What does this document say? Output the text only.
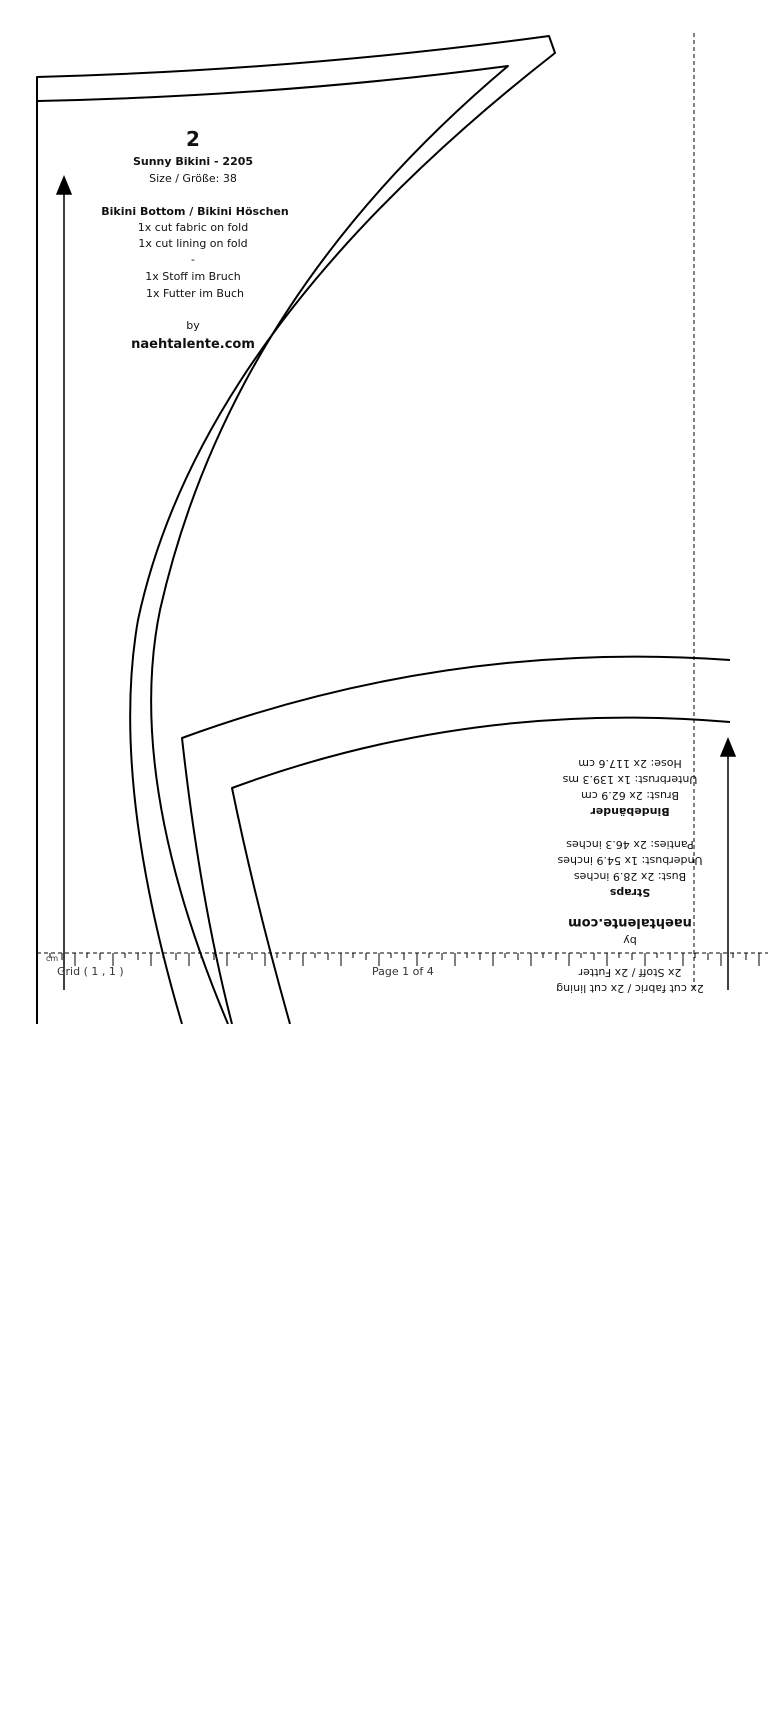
2
Sunny Bikini - 2205
Size / Größe: 38
Bikini Bottom / Bikini Höschen
1x cut fabric on fold
1x cut lining on fold
-
1x Stoff im Bruch
1x Futter im Buch
by
naehtalente.com
2x cut fabric / 2x cut lining
2x Stoff / 2x Futter
by
naehtalente.com
Straps
Bust: 2x 28.9 inches
Underbust: 1x 54.9 inches
Panties: 2x 46.3 inches
Bindebänder
Brust: 2x 62.9 cm
Unterbrust: 1x 139.3 ms
Hose: 2x 117.6 cm
cm
Grid ( 1 , 1 )	Page 1 of 4
